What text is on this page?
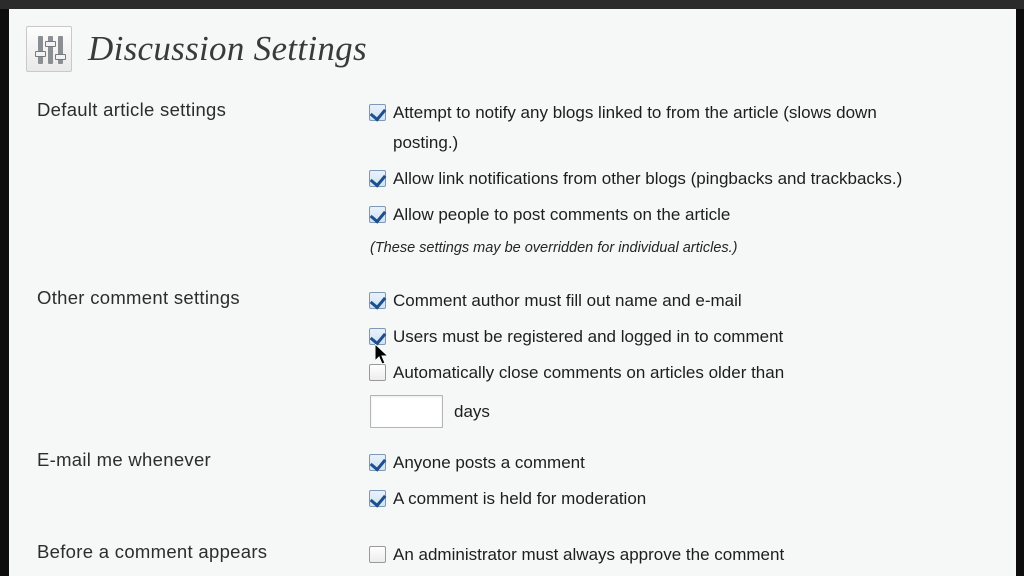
Discussion Settings
Default article settings	Attempt to notify any blogs linked to from the article (slows down posting.)
Allow link notifications from other blogs (pingbacks and trackbacks.)
Allow people to post comments on the article
(These settings may be overridden for individual articles.)
Other comment settings	Comment author must fill out name and e-mail
Users must be registered and logged in to comment
Automatically close comments on articles older than
days
E-mail me whenever	Anyone posts a comment
A comment is held for moderation
Before a comment appears	An administrator must always approve the comment
